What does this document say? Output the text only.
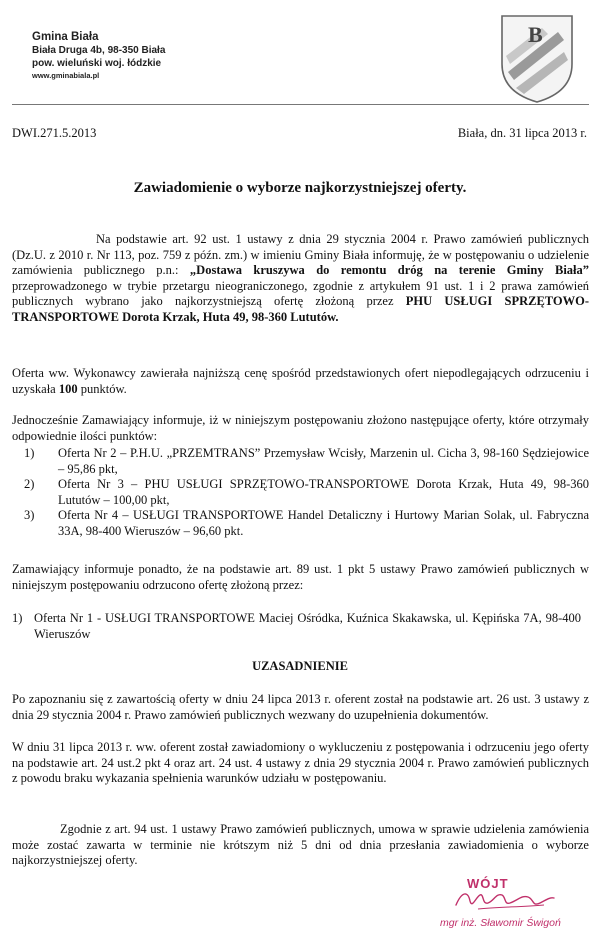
Gmina Biała
Biała Druga 4b, 98-350 Biała
pow. wieluński woj. łódzkie
www.gminabiala.pl
B
DWI.271.5.2013	Biała, dn. 31 lipca 2013 r.
Zawiadomienie o wyborze najkorzystniejszej oferty.

Na podstawie art. 92 ust. 1 ustawy z dnia 29 stycznia 2004 r. Prawo zamówień publicznych (Dz.U. z 2010 r. Nr 113, poz. 759 z późn. zm.) w imieniu Gminy Biała informuję, że w postępowaniu o udzielenie zamówienia publicznego p.n.: „Dostawa kruszywa do remontu dróg na terenie Gminy Biała” przeprowadzonego w trybie przetargu nieograniczonego, zgodnie z artykułem 91 ust. 1 i 2 prawa zamówień publicznych wybrano jako najkorzystniejszą ofertę złożoną przez PHU USŁUGI SPRZĘTOWO-TRANSPORTOWE Dorota Krzak, Huta 49, 98-360 Lututów.

Oferta ww. Wykonawcy zawierała najniższą cenę spośród przedstawionych ofert niepodlegających odrzuceniu i uzyskała 100 punktów.

Jednocześnie Zamawiający informuje, iż w niniejszym postępowaniu złożono następujące oferty, które otrzymały odpowiednie ilości punktów:

1) Oferta Nr 2 – P.H.U. „PRZEMTRANS” Przemysław Wcisły, Marzenin ul. Cicha 3, 98-160 Sędziejowice – 95,86 pkt,
2) Oferta Nr 3 – PHU USŁUGI SPRZĘTOWO-TRANSPORTOWE Dorota Krzak, Huta 49, 98-360 Lututów – 100,00 pkt,
3) Oferta Nr 4 – USŁUGI TRANSPORTOWE Handel Detaliczny i Hurtowy Marian Solak, ul. Fabryczna 33A, 98-400 Wieruszów – 96,60 pkt.

Zamawiający informuje ponadto, że na podstawie art. 89 ust. 1 pkt 5 ustawy Prawo zamówień publicznych w niniejszym postępowaniu odrzucono ofertę złożoną przez:

1) Oferta Nr 1 - USŁUGI TRANSPORTOWE Maciej Ośródka, Kuźnica Skakawska, ul. Kępińska 7A, 98-400 Wieruszów
UZASADNIENIE

Po zapoznaniu się z zawartością oferty w dniu 24 lipca 2013 r. oferent został na podstawie art. 26 ust. 3 ustawy z dnia 29 stycznia 2004 r. Prawo zamówień publicznych wezwany do uzupełnienia dokumentów.

W dniu 31 lipca 2013 r. ww. oferent został zawiadomiony o wykluczeniu z postępowania i odrzuceniu jego oferty na podstawie art. 24 ust.2 pkt 4 oraz art. 24 ust. 4 ustawy z dnia 29 stycznia 2004 r. Prawo zamówień publicznych z powodu braku wykazania spełnienia warunków udziału w postępowaniu.

Zgodnie z art. 94 ust. 1 ustawy Prawo zamówień publicznych, umowa w sprawie udzielenia zamówienia może zostać zawarta w terminie nie krótszym niż 5 dni od dnia przesłania zawiadomienia o wyborze najkorzystniejszej oferty.

WÓJT
mgr inż. Sławomir Świgoń
